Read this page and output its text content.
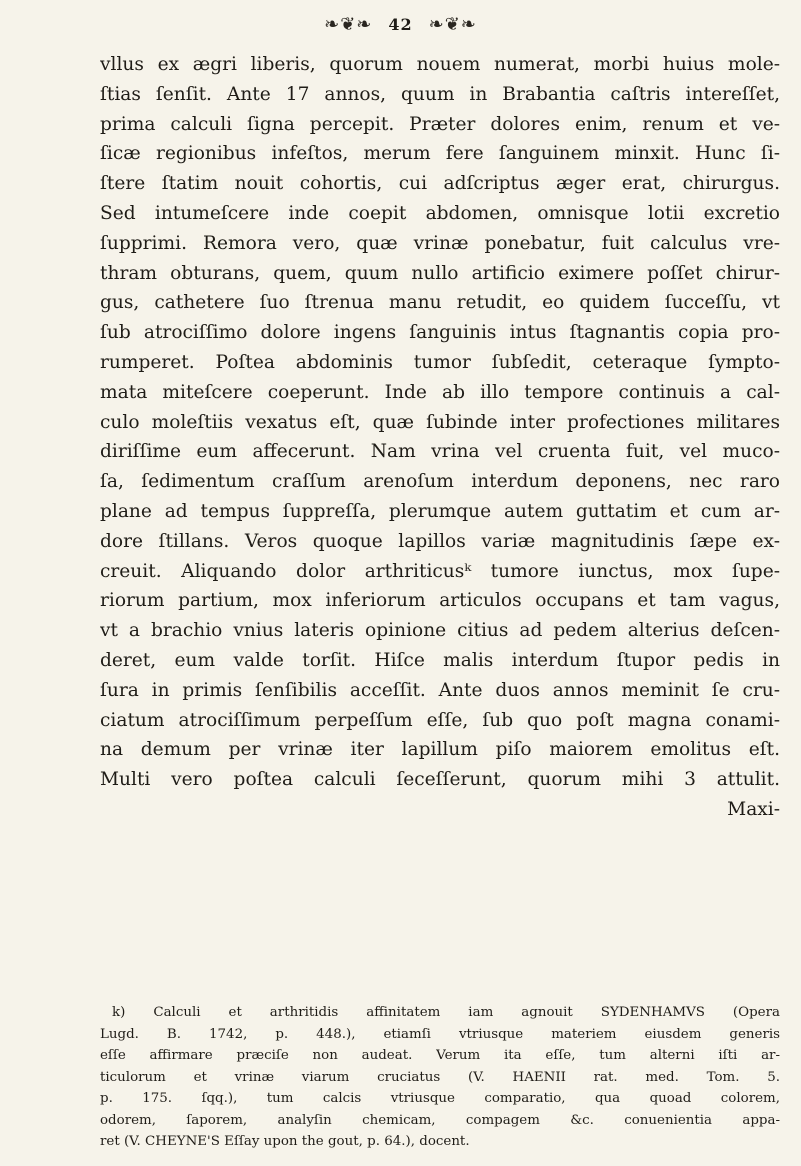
❧❦❧ 42 ❧❦❧
vllus ex ægri liberis, quorum nouem numerat, morbi huius mole-
ſtias ſenſit. Ante 17 annos, quum in Brabantia caſtris intereſſet,
prima calculi ſigna percepit. Præter dolores enim, renum et ve-
ſicæ regionibus infeſtos, merum fere ſanguinem minxit. Hunc ſi-
ſtere ſtatim nouit cohortis, cui adſcriptus æger erat, chirurgus.
Sed intumeſcere inde coepit abdomen, omnisque lotii excretio
ſupprimi. Remora vero, quæ vrinæ ponebatur, fuit calculus vre-
thram obturans, quem, quum nullo artificio eximere poſſet chirur-
gus, cathetere ſuo ſtrenua manu retudit, eo quidem ſucceſſu, vt
ſub atrociſſimo dolore ingens ſanguinis intus ſtagnantis copia pro-
rumperet. Poſtea abdominis tumor ſubſedit, ceteraque ſympto-
mata miteſcere coeperunt. Inde ab illo tempore continuis a cal-
culo moleſtiis vexatus eſt, quæ ſubinde inter profectiones militares
diriſſime eum affecerunt. Nam vrina vel cruenta fuit, vel muco-
ſa, ſedimentum craſſum arenoſum interdum deponens, nec raro
plane ad tempus ſuppreſſa, plerumque autem guttatim et cum ar-
dore ſtillans. Veros quoque lapillos variæ magnitudinis ſæpe ex-
creuit. Aliquando dolor arthriticusᵏ tumore iunctus, mox ſupe-
riorum partium, mox inferiorum articulos occupans et tam vagus,
vt a brachio vnius lateris opinione citius ad pedem alterius deſcen-
deret, eum valde torſit. Hiſce malis interdum ſtupor pedis in
ſura in primis ſenſibilis acceſſit. Ante duos annos meminit ſe cru-
ciatum atrociſſimum perpeſſum eſſe, ſub quo poſt magna conami-
na demum per vrinæ iter lapillum piſo maiorem emolitus eſt.
Multi vero poſtea calculi ſeceſſerunt, quorum mihi 3 attulit.
Maxi-
k) Calculi et arthritidis affinitatem iam agnouit SYDENHAMVS (Opera
Lugd. B. 1742, p. 448.), etiamſi vtriusque materiem eiusdem generis
eſſe affirmare præciſe non audeat. Verum ita eſſe, tum alterni iſti ar-
ticulorum et vrinæ viarum cruciatus (V. HAENII rat. med. Tom. 5.
p. 175. ſqq.), tum calcis vtriusque comparatio, qua quoad colorem,
odorem, ſaporem, analyſin chemicam, compagem &c. conuenientia appa-
ret (V. CHEYNE'S Eſſay upon the gout, p. 64.), docent.
